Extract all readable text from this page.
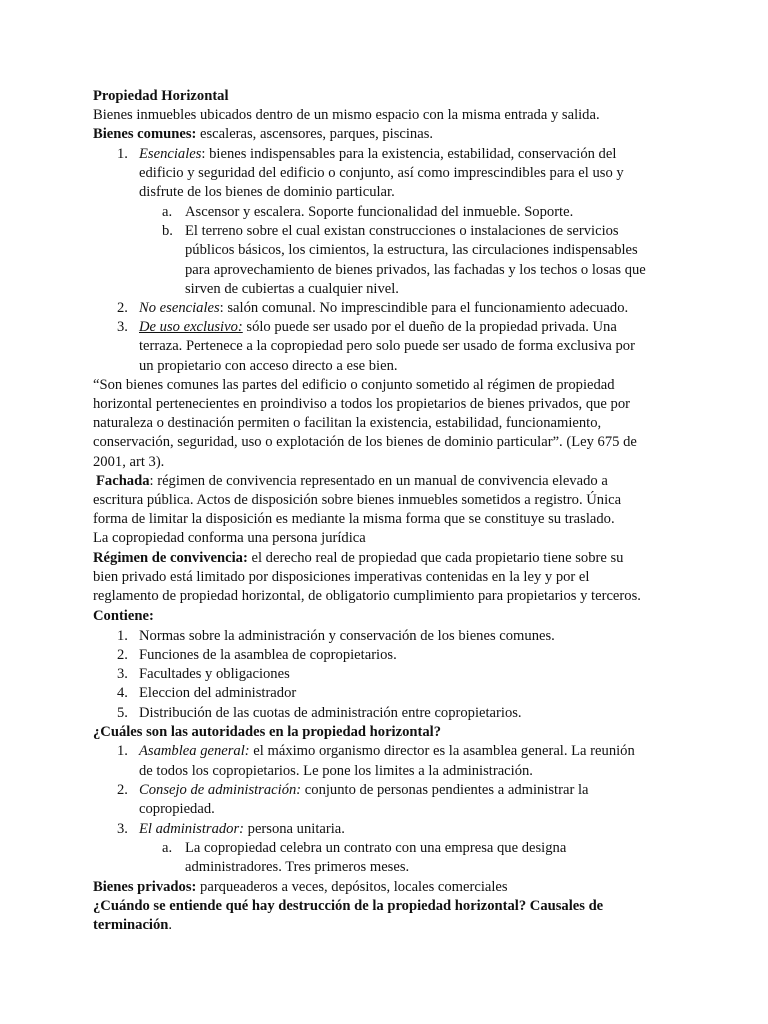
Propiedad Horizontal
Bienes inmuebles ubicados dentro de un mismo espacio con la misma entrada y salida.
Bienes comunes: escaleras, ascensores, parques, piscinas.
1. Esenciales: bienes indispensables para la existencia, estabilidad, conservación del
edificio y seguridad del edificio o conjunto, así como imprescindibles para el uso y
disfrute de los bienes de dominio particular.
a. Ascensor y escalera. Soporte funcionalidad del inmueble. Soporte.
b. El terreno sobre el cual existan construcciones o instalaciones de servicios
públicos básicos, los cimientos, la estructura, las circulaciones indispensables
para aprovechamiento de bienes privados, las fachadas y los techos o losas que
sirven de cubiertas a cualquier nivel.
2. No esenciales: salón comunal. No imprescindible para el funcionamiento adecuado.
3. De uso exclusivo: sólo puede ser usado por el dueño de la propiedad privada. Una
terraza. Pertenece a la copropiedad pero solo puede ser usado de forma exclusiva por
un propietario con acceso directo a ese bien.
“Son bienes comunes las partes del edificio o conjunto sometido al régimen de propiedad
horizontal pertenecientes en proindiviso a todos los propietarios de bienes privados, que por
naturaleza o destinación permiten o facilitan la existencia, estabilidad, funcionamiento,
conservación, seguridad, uso o explotación de los bienes de dominio particular”. (Ley 675 de
2001, art 3).
Fachada: régimen de convivencia representado en un manual de convivencia elevado a
escritura pública. Actos de disposición sobre bienes inmuebles sometidos a registro. Única
forma de limitar la disposición es mediante la misma forma que se constituye su traslado.
La copropiedad conforma una persona jurídica
Régimen de convivencia: el derecho real de propiedad que cada propietario tiene sobre su
bien privado está limitado por disposiciones imperativas contenidas en la ley y por el
reglamento de propiedad horizontal, de obligatorio cumplimiento para propietarios y terceros.
Contiene:
1. Normas sobre la administración y conservación de los bienes comunes.
2. Funciones de la asamblea de copropietarios.
3. Facultades y obligaciones
4. Eleccion del administrador
5. Distribución de las cuotas de administración entre copropietarios.
¿Cuáles son las autoridades en la propiedad horizontal?
1. Asamblea general: el máximo organismo director es la asamblea general. La reunión
de todos los copropietarios. Le pone los limites a la administración.
2. Consejo de administración: conjunto de personas pendientes a administrar la
copropiedad.
3. El administrador: persona unitaria.
a. La copropiedad celebra un contrato con una empresa que designa
administradores. Tres primeros meses.
Bienes privados: parqueaderos a veces, depósitos, locales comerciales
¿Cuándo se entiende qué hay destrucción de la propiedad horizontal? Causales de
terminación.
